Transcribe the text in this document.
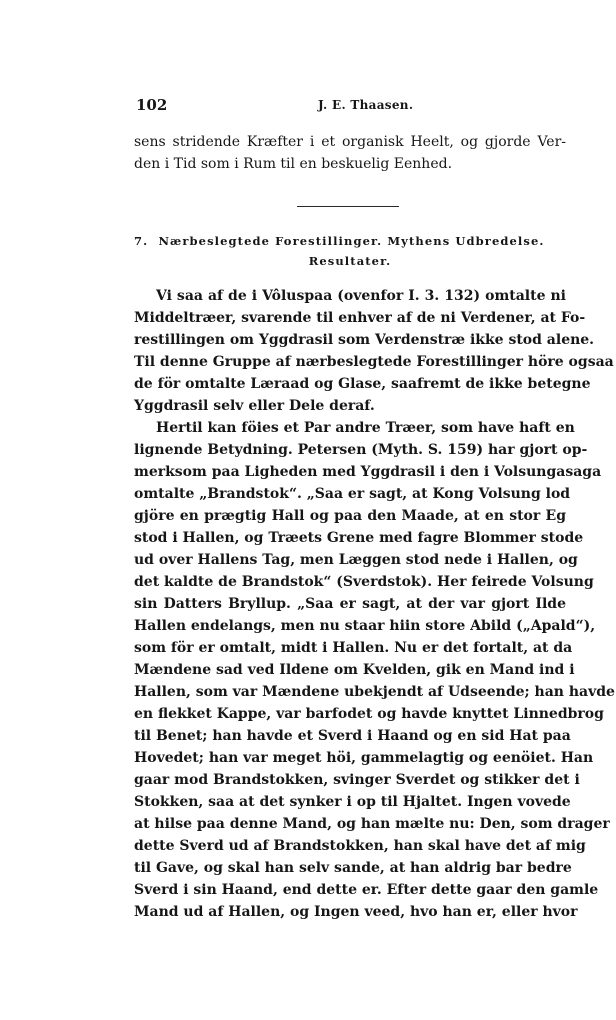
102	J. E. Thaasen.
sens stridende Kræfter i et organisk Heelt, og gjorde Ver-
den i Tid som i Rum til en beskuelig Eenhed.
7. Nærbeslegtede Forestillinger. Mythens Udbredelse.
Resultater.
Vi saa af de i Vôluspaa (ovenfor I. 3. 132) omtalte ni
Middeltræer, svarende til enhver af de ni Verdener, at Fo-
restillingen om Yggdrasil som Verdenstræ ikke stod alene.
Til denne Gruppe af nærbeslegtede Forestillinger höre ogsaa
de för omtalte Læraad og Glase, saafremt de ikke betegne
Yggdrasil selv eller Dele deraf.
Hertil kan föies et Par andre Træer, som have haft en
lignende Betydning. Petersen (Myth. S. 159) har gjort op-
merksom paa Ligheden med Yggdrasil i den i Volsungasaga
omtalte „Brandstok“. „Saa er sagt, at Kong Volsung lod
gjöre en prægtig Hall og paa den Maade, at en stor Eg
stod i Hallen, og Træets Grene med fagre Blommer stode
ud over Hallens Tag, men Læggen stod nede i Hallen, og
det kaldte de Brandstok“ (Sverdstok). Her feirede Volsung
sin Datters Bryllup. „Saa er sagt, at der var gjort Ilde
Hallen endelangs, men nu staar hiin store Abild („Apald“),
som för er omtalt, midt i Hallen. Nu er det fortalt, at da
Mændene sad ved Ildene om Kvelden, gik en Mand ind i
Hallen, som var Mændene ubekjendt af Udseende; han havde
en flekket Kappe, var barfodet og havde knyttet Linnedbrog
til Benet; han havde et Sverd i Haand og en sid Hat paa
Hovedet; han var meget höi, gammelagtig og eenöiet. Han
gaar mod Brandstokken, svinger Sverdet og stikker det i
Stokken, saa at det synker i op til Hjaltet. Ingen vovede
at hilse paa denne Mand, og han mælte nu: Den, som drager
dette Sverd ud af Brandstokken, han skal have det af mig
til Gave, og skal han selv sande, at han aldrig bar bedre
Sverd i sin Haand, end dette er. Efter dette gaar den gamle
Mand ud af Hallen, og Ingen veed, hvo han er, eller hvor
